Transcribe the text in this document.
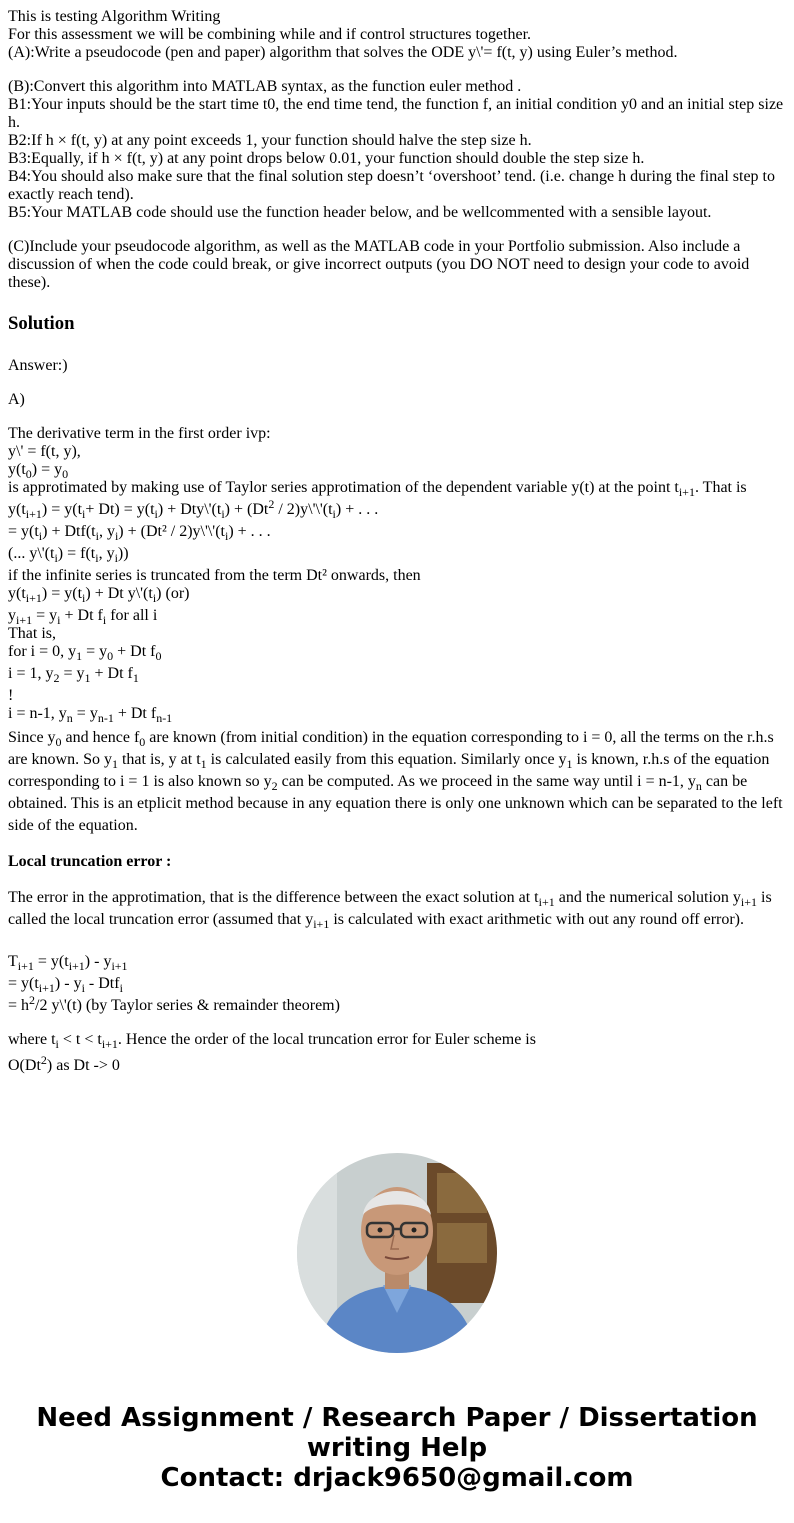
This is testing Algorithm Writing
For this assessment we will be combining while and if control structures together.
(A):Write a pseudocode (pen and paper) algorithm that solves the ODE y\'= f(t, y) using Euler’s method.
(B):Convert this algorithm into MATLAB syntax, as the function euler method .
B1:Your inputs should be the start time t0, the end time tend, the function f, an initial condition y0 and an initial step size h.
B2:If h × f(t, y) at any point exceeds 1, your function should halve the step size h.
B3:Equally, if h × f(t, y) at any point drops below 0.01, your function should double the step size h.
B4:You should also make sure that the final solution step doesn’t ‘overshoot’ tend. (i.e. change h during the final step to exactly reach tend).
B5:Your MATLAB code should use the function header below, and be wellcommented with a sensible layout.

(C)Include your pseudocode algorithm, as well as the MATLAB code in your Portfolio submission. Also include a discussion of when the code could break, or give incorrect outputs (you DO NOT need to design your code to avoid these).

Solution

Answer:)

A)

The derivative term in the first order ivp:
y\' = f(t, y),
$y(t_0) = y_0$
is approtimated by making use of Taylor series approtimation of the dependent variable y(t) at the point $t_{i+1}$. That is
$y(t_{i+1}) = y(t_i+ Dt) = y(t_i)$ + $Dty\backslash'(t_i) + (Dt^2$ / $2)y\backslash'\backslash'(t_i)$ + . . .
= $y(t_i) + Dtf(t_i$, $y_i) + (Dt^2$ / $2)y\backslash'\backslash'(t_i)$ + . . .
(... $y\backslash'(t_i) = f(t_i$, $y_i$))
if the infinite series is truncated from the term Dt² onwards, then
$y(t_{i+1}) = y(t_i) + Dt$ $y\backslash'(t_i)$ (or)
$y_{i+1} = y_i + Dt$ $f_i$ for all i
That is,
for i = 0, $y_1 = y_0 + Dt$ $f_0$
i = 1, $y_2 = y_1 + Dt$ $f_1$
!
i = n-1, $y_n = y_{n-1} + Dt$ $f_{n-1}$
Since $y_0$ and hence $f_0$ are known (from initial condition) in the equation corresponding to i = 0, all the terms on the r.h.s are known. So $y_1$ that is, y at $t_1$ is calculated easily from this equation. Similarly once $y_1$ is known, r.h.s of the equation corresponding to i = 1 is also known so $y_2$ can be computed. As we proceed in the same way until i = n-1, $y_n$ can be obtained. This is an etplicit method because in any equation there is only one unknown which can be separated to the left side of the equation.

Local truncation error :

The error in the approtimation, that is the difference between the exact solution at $t_{i+1}$ and the numerical solution $y_{i+1}$ is called the local truncation error (assumed that $y_{i+1}$ is calculated with exact arithmetic with out any round off error).

$T_{i+1} = y(t_{i+1}) - y_{i+1}$
= $y(t_{i+1}) - y_i - Dtf_i$
= $h^2/2$ y\'(t) (by Taylor series & remainder theorem)
where $t_i < t < t_{i+1}$. Hence the order of the local truncation error for Euler scheme is
O(Dt$^2$) as Dt -> 0
Need Assignment / Research Paper / Dissertation
writing Help
Contact: drjack9650@gmail.com
